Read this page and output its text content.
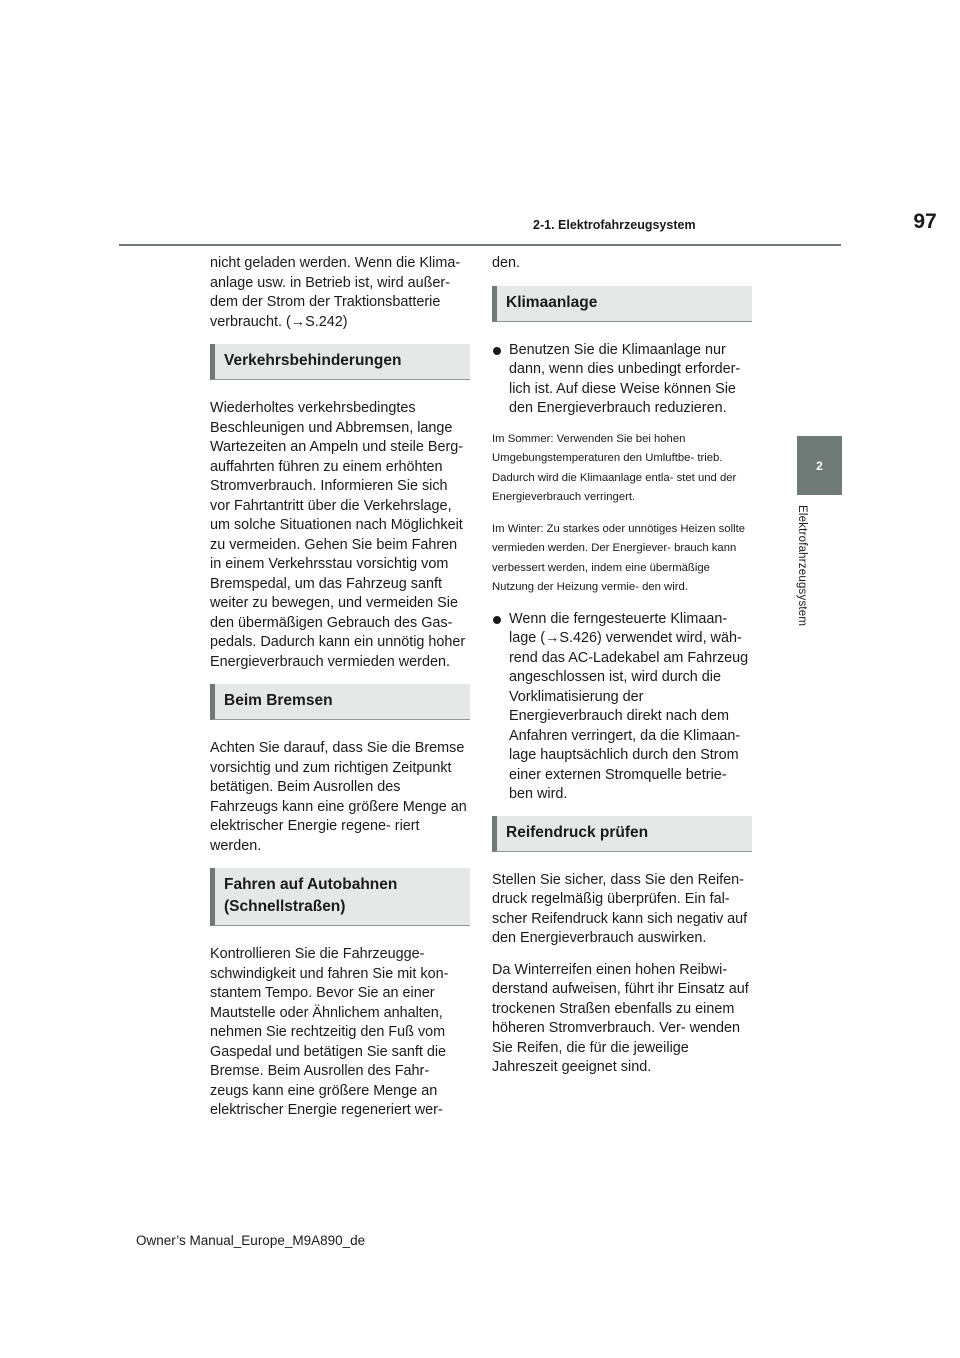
97
2-1. Elektrofahrzeugsystem
2
Elektrofahrzeugsystem

nicht geladen werden. Wenn die Klima- anlage usw. in Betrieb ist, wird außer- dem der Strom der Traktionsbatterie verbraucht. (→S.242)

Verkehrsbehinderungen

Wiederholtes verkehrsbedingtes Beschleunigen und Abbremsen, lange Wartezeiten an Ampeln und steile Berg- auffahrten führen zu einem erhöhten Stromverbrauch. Informieren Sie sich vor Fahrtantritt über die Verkehrslage, um solche Situationen nach Möglichkeit zu vermeiden. Gehen Sie beim Fahren in einem Verkehrsstau vorsichtig vom Bremspedal, um das Fahrzeug sanft weiter zu bewegen, und vermeiden Sie den übermäßigen Gebrauch des Gas- pedals. Dadurch kann ein unnötig hoher Energieverbrauch vermieden werden.

Beim Bremsen

Achten Sie darauf, dass Sie die Bremse vorsichtig und zum richtigen Zeitpunkt betätigen. Beim Ausrollen des Fahrzeugs kann eine größere Menge an elektrischer Energie regene- riert werden.

Fahren auf Autobahnen (Schnellstraßen)

Kontrollieren Sie die Fahrzeugge- schwindigkeit und fahren Sie mit kon- stantem Tempo. Bevor Sie an einer Mautstelle oder Ähnlichem anhalten, nehmen Sie rechtzeitig den Fuß vom Gaspedal und betätigen Sie sanft die Bremse. Beim Ausrollen des Fahr- zeugs kann eine größere Menge an elektrischer Energie regeneriert wer-

den.

Klimaanlage
Benutzen Sie die Klimaanlage nur dann, wenn dies unbedingt erforder- lich ist. Auf diese Weise können Sie den Energieverbrauch reduzieren.

Im Sommer: Verwenden Sie bei hohen Umgebungstemperaturen den Umluftbe- trieb. Dadurch wird die Klimaanlage entla- stet und der Energieverbrauch verringert.

Im Winter: Zu starkes oder unnötiges Heizen sollte vermieden werden. Der Energiever- brauch kann verbessert werden, indem eine übermäßige Nutzung der Heizung vermie- den wird.

Wenn die ferngesteuerte Klimaan- lage (→S.426) verwendet wird, wäh- rend das AC-Ladekabel am Fahrzeug angeschlossen ist, wird durch die Vorklimatisierung der Energieverbrauch direkt nach dem Anfahren verringert, da die Klimaan- lage hauptsächlich durch den Strom einer externen Stromquelle betrie- ben wird.
Reifendruck prüfen

Stellen Sie sicher, dass Sie den Reifen- druck regelmäßig überprüfen. Ein fal- scher Reifendruck kann sich negativ auf den Energieverbrauch auswirken.

Da Winterreifen einen hohen Reibwi- derstand aufweisen, führt ihr Einsatz auf trockenen Straßen ebenfalls zu einem höheren Stromverbrauch. Ver- wenden Sie Reifen, die für die jeweilige Jahreszeit geeignet sind.

Owner’s Manual_Europe_M9A890_de
